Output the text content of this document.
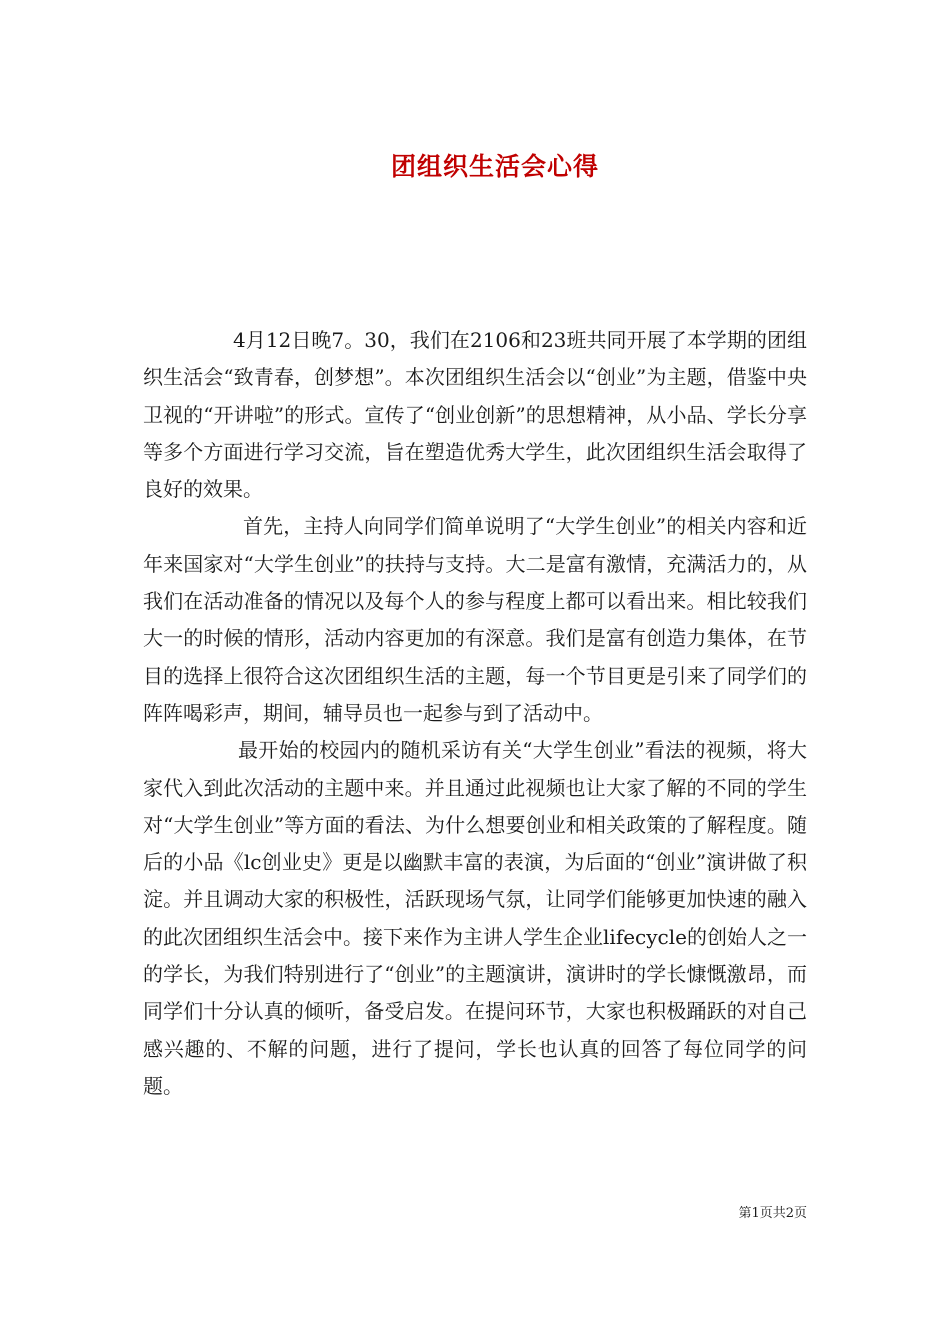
团组织生活会心得

4月12日晚7。30，我们在2106和23班共同开展了本学期的团组织生活会“致青春，创梦想”。本次团组织生活会以“创业”为主题，借鉴中央卫视的“开讲啦”的形式。宣传了“创业创新”的思想精神，从小品、学长分享等多个方面进行学习交流，旨在塑造优秀大学生，此次团组织生活会取得了良好的效果。

首先，主持人向同学们简单说明了“大学生创业”的相关内容和近年来国家对“大学生创业”的扶持与支持。大二是富有激情，充满活力的，从我们在活动准备的情况以及每个人的参与程度上都可以看出来。相比较我们大一的时候的情形，活动内容更加的有深意。我们是富有创造力集体，在节目的选择上很符合这次团组织生活的主题，每一个节目更是引来了同学们的阵阵喝彩声，期间，辅导员也一起参与到了活动中。

最开始的校园内的随机采访有关“大学生创业”看法的视频，将大家代入到此次活动的主题中来。并且通过此视频也让大家了解的不同的学生对“大学生创业”等方面的看法、为什么想要创业和相关政策的了解程度。随后的小品《lc创业史》更是以幽默丰富的表演，为后面的“创业”演讲做了积淀。并且调动大家的积极性，活跃现场气氛，让同学们能够更加快速的融入的此次团组织生活会中。接下来作为主讲人学生企业lifecycle的创始人之一的学长，为我们特别进行了“创业”的主题演讲，演讲时的学长慷慨激昂，而同学们十分认真的倾听，备受启发。在提问环节，大家也积极踊跃的对自己感兴趣的、不解的问题，进行了提问，学长也认真的回答了每位同学的问题。

第1页共2页
